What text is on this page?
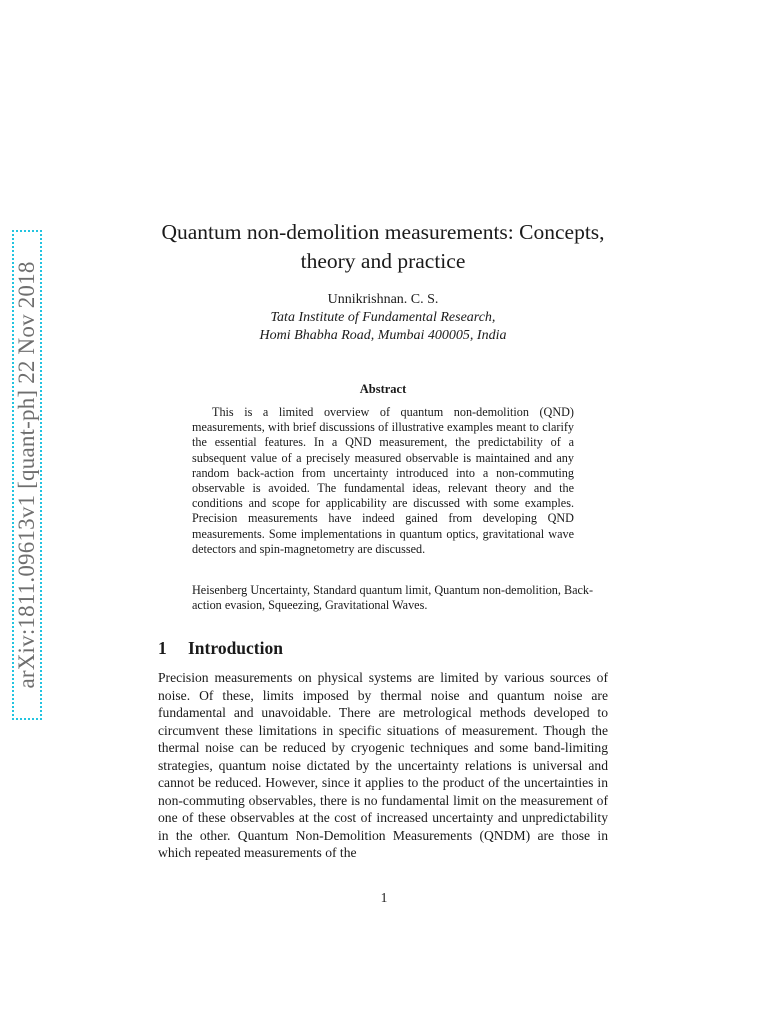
arXiv:1811.09613v1 [quant-ph] 22 Nov 2018
Quantum non-demolition measurements: Concepts, theory and practice
Unnikrishnan. C. S.
Tata Institute of Fundamental Research,
Homi Bhabha Road, Mumbai 400005, India
Abstract

This is a limited overview of quantum non-demolition (QND) measurements, with brief discussions of illustrative examples meant to clarify the essential features. In a QND measurement, the predictability of a subsequent value of a precisely measured observable is maintained and any random back-action from uncertainty introduced into a non-commuting observable is avoided. The fundamental ideas, relevant theory and the conditions and scope for applicability are discussed with some examples. Precision measurements have indeed gained from developing QND measurements. Some implementations in quantum optics, gravitational wave detectors and spin-magnetometry are discussed.

Heisenberg Uncertainty, Standard quantum limit, Quantum non-demolition, Back-action evasion, Squeezing, Gravitational Waves.

1 Introduction

Precision measurements on physical systems are limited by various sources of noise. Of these, limits imposed by thermal noise and quantum noise are fundamental and unavoidable. There are metrological methods developed to circumvent these limitations in specific situations of measurement. Though the thermal noise can be reduced by cryogenic techniques and some band-limiting strategies, quantum noise dictated by the uncertainty relations is universal and cannot be reduced. However, since it applies to the product of the uncertainties in non-commuting observables, there is no fundamental limit on the measurement of one of these observables at the cost of increased uncertainty and unpredictability in the other. Quantum Non-Demolition Measurements (QNDM) are those in which repeated measurements of the

1
